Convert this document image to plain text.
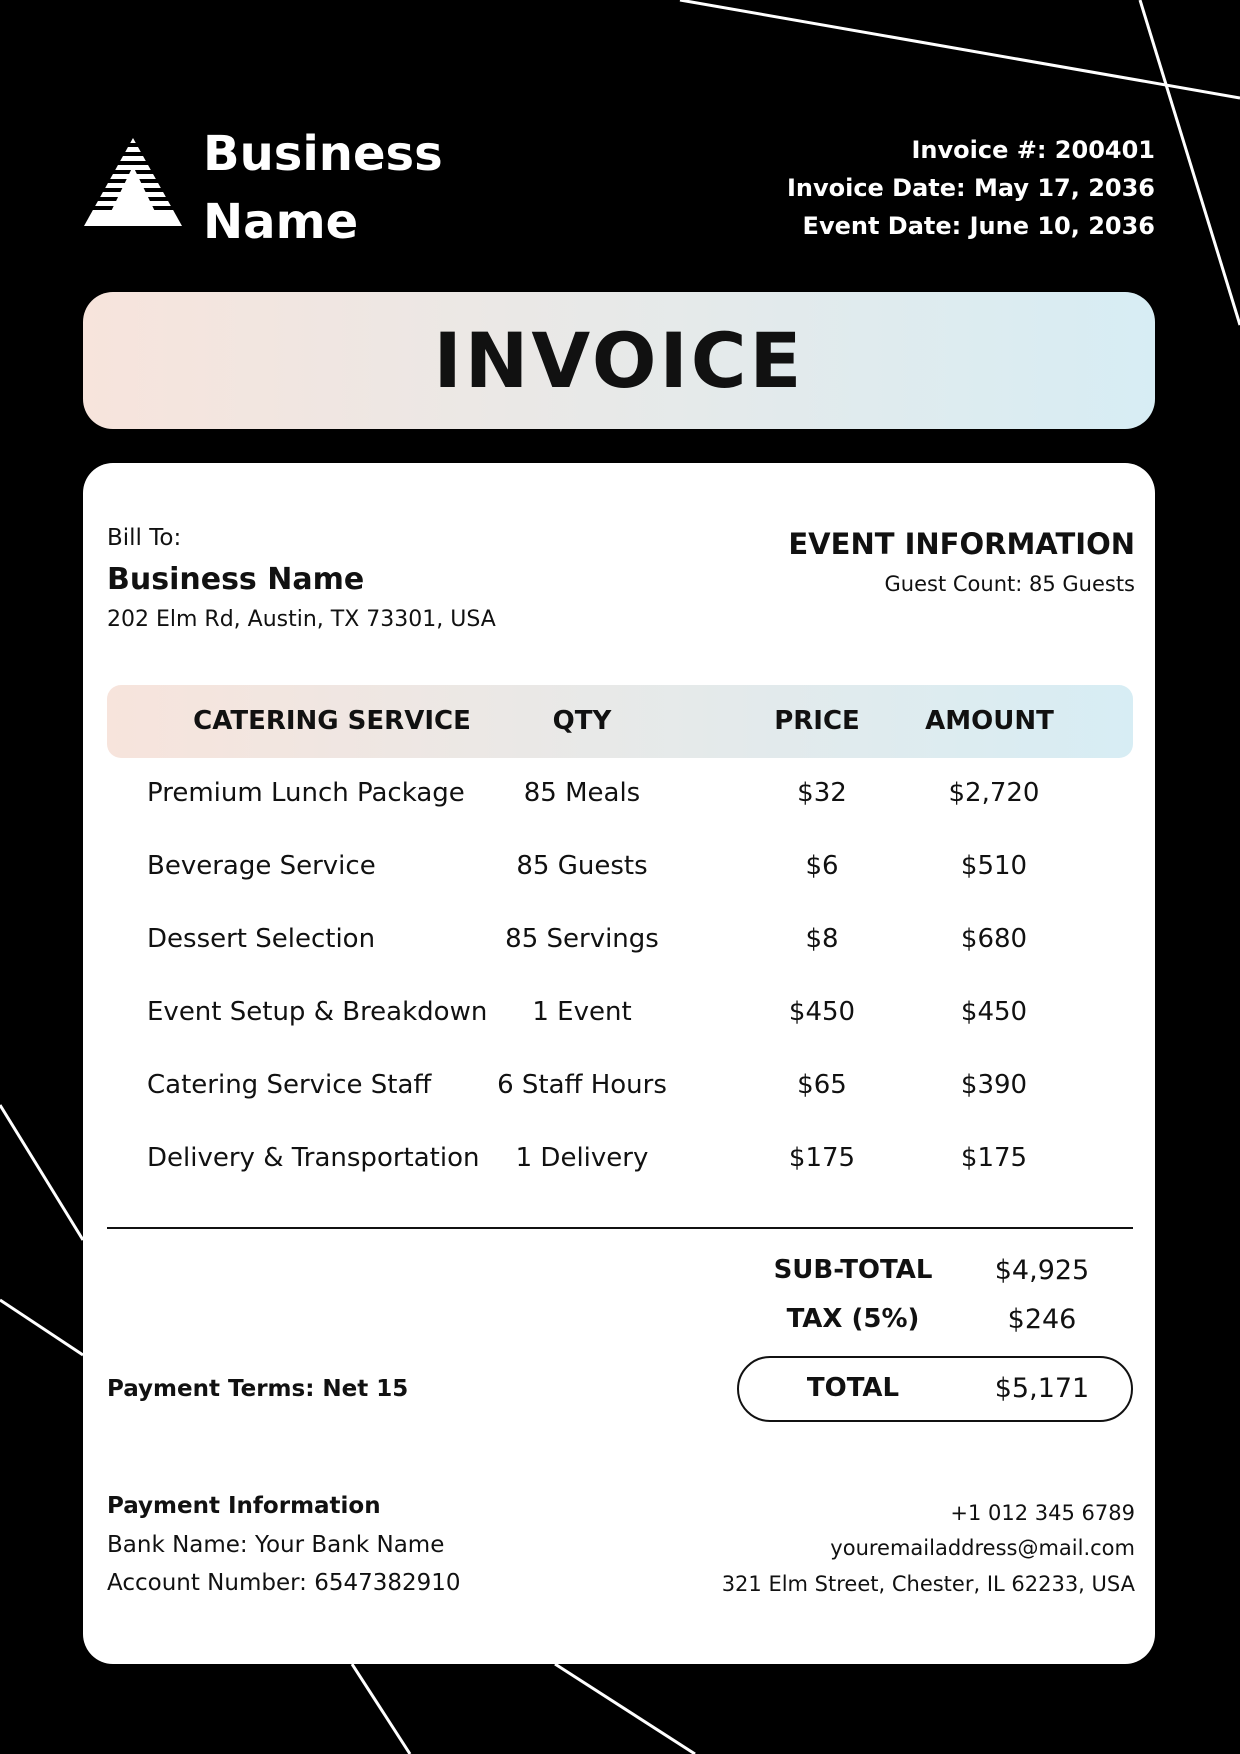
Business
Name
Invoice #: 200401
Invoice Date: May 17, 2036
Event Date: June 10, 2036
INVOICE
Bill To:
Business Name
202 Elm Rd, Austin, TX 73301, USA
EVENT INFORMATION
Guest Count: 85 Guests
CATERING SERVICE	QTY	PRICE	AMOUNT
Premium Lunch Package	85 Meals	$32	$2,720
Beverage Service	85 Guests	$6	$510
Dessert Selection	85 Servings	$8	$680
Event Setup & Breakdown	1 Event	$450	$450
Catering Service Staff	6 Staff Hours	$65	$390
Delivery & Transportation	1 Delivery	$175	$175
SUB-TOTAL	$4,925
TAX (5%)	$246
TOTAL	$5,171
Payment Terms: Net 15
Payment Information
Bank Name: Your Bank Name
Account Number: 6547382910
+1 012 345 6789
youremailaddress@mail.com
321 Elm Street, Chester, IL 62233, USA
